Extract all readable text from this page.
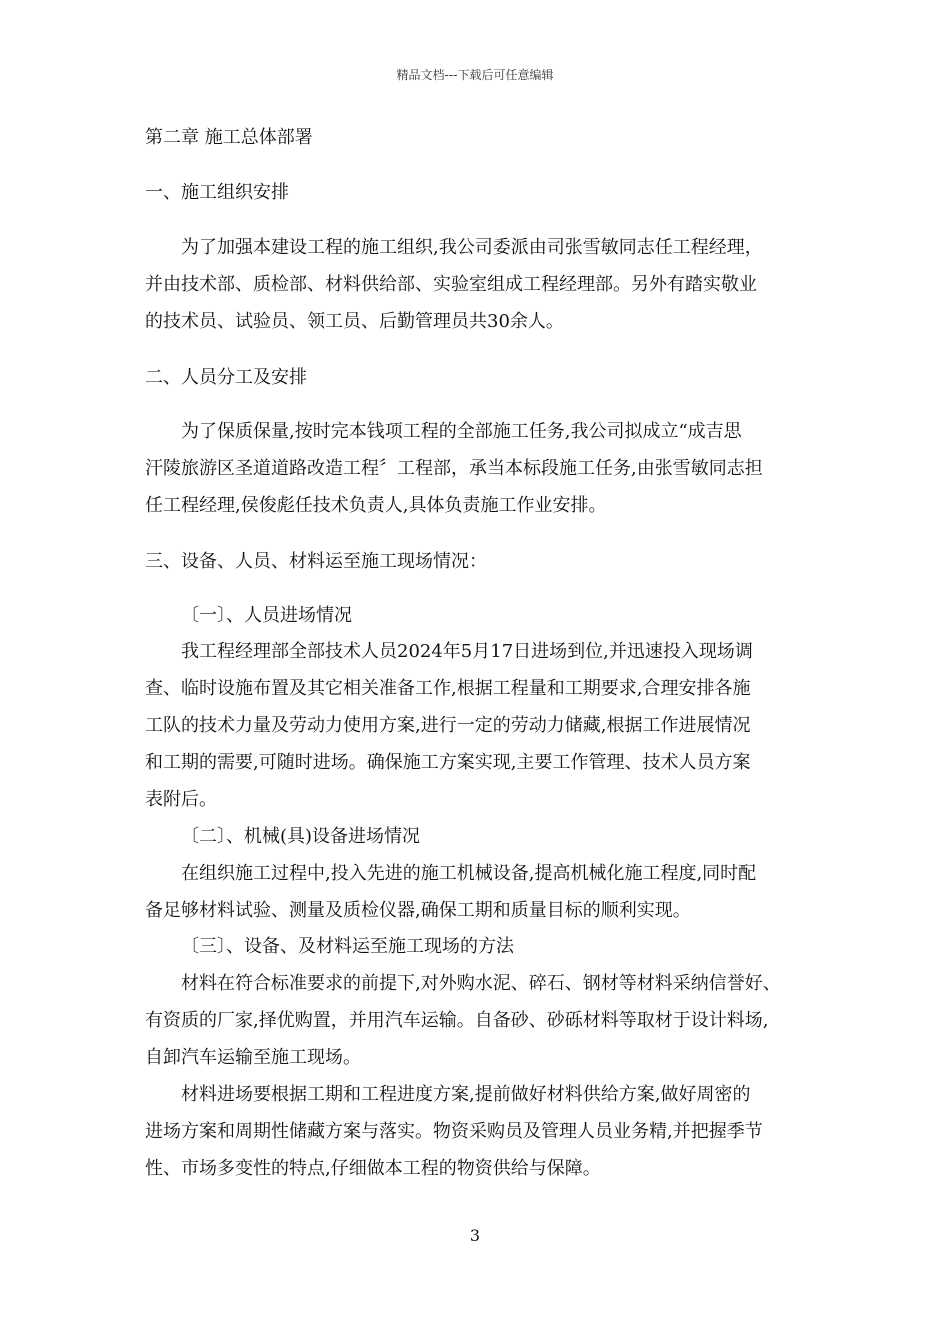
精品文档---下载后可任意编辑
第二章 施工总体部署
一、施工组织安排
为了加强本建设工程的施工组织,我公司委派由司张雪敏同志任工程经理，
并由技术部、质检部、材料供给部、实验室组成工程经理部。另外有踏实敬业
的技术员、试验员、领工员、后勤管理员共30余人。
二、人员分工及安排
为了保质保量,按时完本钱项工程的全部施工任务,我公司拟成立“成吉思
汗陵旅游区圣道道路改造工程〞工程部，承当本标段施工任务,由张雪敏同志担
任工程经理,侯俊彪任技术负责人,具体负责施工作业安排。
三、设备、人员、材料运至施工现场情况：
〔一〕、人员进场情况
我工程经理部全部技术人员2024年5月17日进场到位,并迅速投入现场调
查、临时设施布置及其它相关准备工作,根据工程量和工期要求,合理安排各施
工队的技术力量及劳动力使用方案,进行一定的劳动力储藏,根据工作进展情况
和工期的需要,可随时进场。确保施工方案实现,主要工作管理、技术人员方案
表附后。
〔二〕、机械(具)设备进场情况
在组织施工过程中,投入先进的施工机械设备,提高机械化施工程度,同时配
备足够材料试验、测量及质检仪器,确保工期和质量目标的顺利实现。
〔三〕、设备、及材料运至施工现场的方法
材料在符合标准要求的前提下,对外购水泥、碎石、钢材等材料采纳信誉好、
有资质的厂家,择优购置，并用汽车运输。自备砂、砂砾材料等取材于设计料场,
自卸汽车运输至施工现场。
材料进场要根据工期和工程进度方案,提前做好材料供给方案,做好周密的
进场方案和周期性储藏方案与落实。物资采购员及管理人员业务精,并把握季节
性、市场多变性的特点,仔细做本工程的物资供给与保障。
3
